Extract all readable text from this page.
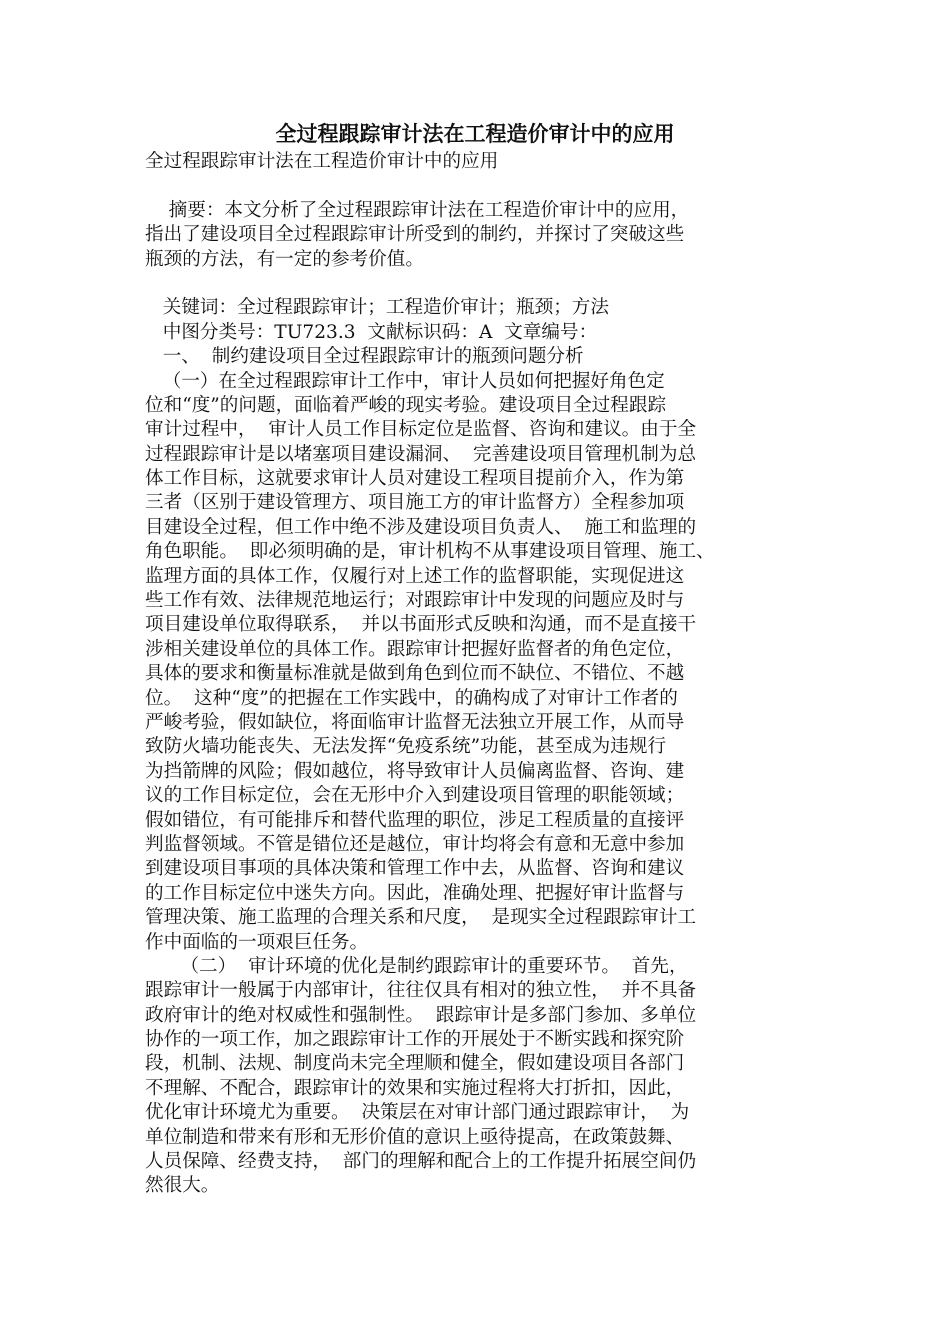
全过程跟踪审计法在工程造价审计中的应用
全过程跟踪审计法在工程造价审计中的应用
摘要：本文分析了全过程跟踪审计法在工程造价审计中的应用，
指出了建设项目全过程跟踪审计所受到的制约，并探讨了突破这些
瓶颈的方法，有一定的参考价值。
关键词：全过程跟踪审计；工程造价审计；瓶颈；方法
中图分类号：TU723.3  文献标识码：A  文章编号：
一、  制约建设项目全过程跟踪审计的瓶颈问题分析
（一）在全过程跟踪审计工作中，审计人员如何把握好角色定
位和“度”的问题，面临着严峻的现实考验。建设项目全过程跟踪
审计过程中，  审计人员工作目标定位是监督、咨询和建议。由于全
过程跟踪审计是以堵塞项目建设漏洞、  完善建设项目管理机制为总
体工作目标，这就要求审计人员对建设工程项目提前介入，作为第
三者（区别于建设管理方、项目施工方的审计监督方）全程参加项
目建设全过程，但工作中绝不涉及建设项目负责人、  施工和监理的
角色职能。  即必须明确的是，审计机构不从事建设项目管理、施工、
监理方面的具体工作，仅履行对上述工作的监督职能，实现促进这
些工作有效、法律规范地运行；对跟踪审计中发现的问题应及时与
项目建设单位取得联系，  并以书面形式反映和沟通，而不是直接干
涉相关建设单位的具体工作。跟踪审计把握好监督者的角色定位，
具体的要求和衡量标准就是做到角色到位而不缺位、不错位、不越
位。  这种“度”的把握在工作实践中，的确构成了对审计工作者的
严峻考验，假如缺位，将面临审计监督无法独立开展工作，从而导
致防火墙功能丧失、无法发挥“免疫系统”功能，甚至成为违规行
为挡箭牌的风险；假如越位，将导致审计人员偏离监督、咨询、建
议的工作目标定位，会在无形中介入到建设项目管理的职能领域；
假如错位，有可能排斥和替代监理的职位，涉足工程质量的直接评
判监督领域。不管是错位还是越位，审计均将会有意和无意中参加
到建设项目事项的具体决策和管理工作中去，从监督、咨询和建议
的工作目标定位中迷失方向。因此，准确处理、把握好审计监督与
管理决策、施工监理的合理关系和尺度，  是现实全过程跟踪审计工
作中面临的一项艰巨任务。
（二）  审计环境的优化是制约跟踪审计的重要环节。  首先，
跟踪审计一般属于内部审计，往往仅具有相对的独立性，  并不具备
政府审计的绝对权威性和强制性。  跟踪审计是多部门参加、多单位
协作的一项工作，加之跟踪审计工作的开展处于不断实践和探究阶
段，机制、法规、制度尚未完全理顺和健全，假如建设项目各部门
不理解、不配合，跟踪审计的效果和实施过程将大打折扣，因此，
优化审计环境尤为重要。  决策层在对审计部门通过跟踪审计，  为
单位制造和带来有形和无形价值的意识上亟待提高，在政策鼓舞、
人员保障、经费支持，  部门的理解和配合上的工作提升拓展空间仍
然很大。
